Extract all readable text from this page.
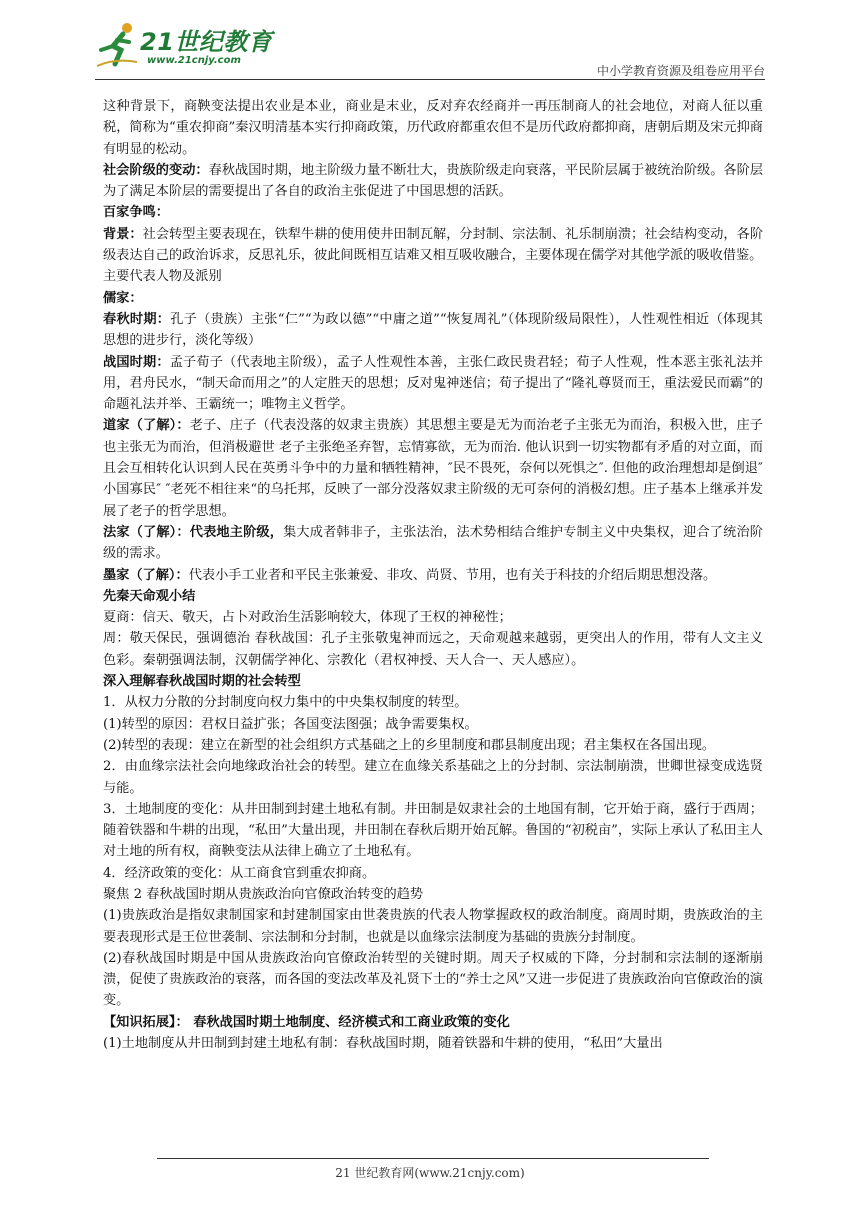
21世纪教育
www.21cnjy.com
中小学教育资源及组卷应用平台

这种背景下，商鞅变法提出农业是本业，商业是末业，反对弃农经商并一再压制商人的社会地位，对商人征以重税，简称为“重农抑商”秦汉明清基本实行抑商政策，历代政府都重农但不是历代政府都抑商，唐朝后期及宋元抑商有明显的松动。

社会阶级的变动：春秋战国时期，地主阶级力量不断壮大，贵族阶级走向衰落，平民阶层属于被统治阶级。各阶层为了满足本阶层的需要提出了各自的政治主张促进了中国思想的活跃。

百家争鸣：

背景：社会转型主要表现在，铁犁牛耕的使用使井田制瓦解，分封制、宗法制、礼乐制崩溃；社会结构变动，各阶级表达自己的政治诉求，反思礼乐，彼此间既相互诘难又相互吸收融合，主要体现在儒学对其他学派的吸收借鉴。

主要代表人物及派别

儒家：

春秋时期：孔子（贵族）主张“仁”“为政以德”“中庸之道”“恢复周礼”（体现阶级局限性），人性观性相近（体现其思想的进步行，淡化等级）

战国时期：孟子荀子（代表地主阶级），孟子人性观性本善，主张仁政民贵君轻；荀子人性观，性本恶主张礼法并用，君舟民水，“制天命而用之”的人定胜天的思想；反对鬼神迷信；荀子提出了“隆礼尊贤而王，重法爱民而霸”的命题礼法并举、王霸统一；唯物主义哲学。

道家（了解）：老子、庄子（代表没落的奴隶主贵族）其思想主要是无为而治老子主张无为而治，积极入世，庄子也主张无为而治，但消极避世 老子主张绝圣弃智，忘情寡欲，无为而治. 他认识到一切实物都有矛盾的对立面，而且会互相转化认识到人民在英勇斗争中的力量和牺牲精神，″民不畏死，奈何以死惧之″. 但他的政治理想却是倒退″小国寡民″ ″老死不相往来“的乌托邦，反映了一部分没落奴隶主阶级的无可奈何的消极幻想。庄子基本上继承并发展了老子的哲学思想。

法家（了解）：代表地主阶级，集大成者韩非子，主张法治，法术势相结合维护专制主义中央集权，迎合了统治阶级的需求。

墨家（了解）：代表小手工业者和平民主张兼爱、非攻、尚贤、节用，也有关于科技的介绍后期思想没落。

先秦天命观小结

夏商：信天、敬天，占卜对政治生活影响较大，体现了王权的神秘性；

周：敬天保民，强调德治 春秋战国：孔子主张敬鬼神而远之，天命观越来越弱，更突出人的作用，带有人文主义色彩。秦朝强调法制，汉朝儒学神化、宗教化（君权神授、天人合一、天人感应）。

深入理解春秋战国时期的社会转型

1．从权力分散的分封制度向权力集中的中央集权制度的转型。

(1)转型的原因：君权日益扩张；各国变法图强；战争需要集权。

(2)转型的表现：建立在新型的社会组织方式基础之上的乡里制度和郡县制度出现；君主集权在各国出现。

2．由血缘宗法社会向地缘政治社会的转型。建立在血缘关系基础之上的分封制、宗法制崩溃，世卿世禄变成选贤与能。

3．土地制度的变化：从井田制到封建土地私有制。井田制是奴隶社会的土地国有制，它开始于商，盛行于西周；随着铁器和牛耕的出现，“私田”大量出现，井田制在春秋后期开始瓦解。鲁国的“初税亩”，实际上承认了私田主人对土地的所有权，商鞅变法从法律上确立了土地私有。

4．经济政策的变化：从工商食官到重农抑商。

聚焦 2 春秋战国时期从贵族政治向官僚政治转变的趋势

(1)贵族政治是指奴隶制国家和封建制国家由世袭贵族的代表人物掌握政权的政治制度。商周时期，贵族政治的主要表现形式是王位世袭制、宗法制和分封制，也就是以血缘宗法制度为基础的贵族分封制度。

(2)春秋战国时期是中国从贵族政治向官僚政治转型的关键时期。周天子权威的下降，分封制和宗法制的逐渐崩溃，促使了贵族政治的衰落，而各国的变法改革及礼贤下士的“养士之风”又进一步促进了贵族政治向官僚政治的演变。

【知识拓展】： 春秋战国时期土地制度、经济模式和工商业政策的变化

(1)土地制度从井田制到封建土地私有制：春秋战国时期，随着铁器和牛耕的使用，“私田”大量出

21 世纪教育网(www.21cnjy.com)
